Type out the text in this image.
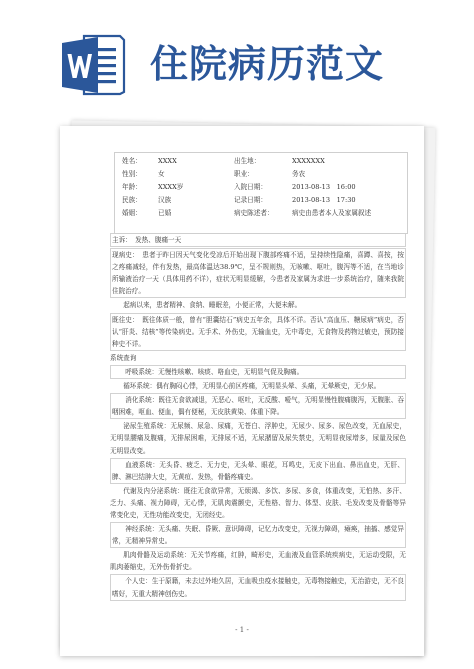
住院病历范文
姓名： XXXX	出生地：	XXXXXXX
性别： 女	职业：	务农
年龄： XXXX岁	入院日期：	2013-08-13　16:00
民族： 汉族	记录日期：	2013-08-13　17:30
婚姻： 已婚	病史陈述者：	病史由患者本人及家属叙述

主诉：　发热、腹痛一天

现病史：　患者于昨日因天气变化受凉后开始出现下腹部疼痛不适，呈持续性隐痛，喜蹲、喜按，按之疼痛减轻，伴有发热，最高体温达38.9℃，呈不规则热，无咳嗽、呕吐，腹泻等不适，在当地诊所输液治疗一天（具体用药不详），症状无明显缓解，今患者及家属为求进一步系统治疗，随来我院住院治疗。

起病以来，患者精神、食纳、睡眠差，小便正常，大便未解。

既往史：　既往体质一般，曾有“胆囊结石”病史五年余，具体不详。否认“高血压、糖尿病”病史，否认“肝炎、结核”等传染病史。无手术、外伤史，无输血史，无中毒史，无食物及药物过敏史，预防接种史不详。

系统查询

呼吸系统：无慢性咳嗽、咳痰、咯血史，无明显气促及胸痛。

循环系统：偶有胸闷心悸，无明显心前区疼痛，无明显头晕、头痛，无晕厥史，无少尿。

消化系统：既往无食欲减退，无恶心、呕吐，无反酸、嗳气，无明显慢性腹痛腹泻，无腹胀、吞咽困难，呕血、便血，偶有便秘，无皮肤黄染、体重下降。

泌尿生殖系统：无尿频、尿急、尿痛，无苍白、浮肿史，无尿少、尿多、尿色改变，无血尿史，无明显腰痛及腹痛，无排尿困难，无排尿不适，无尿潴留及尿失禁史，无明显夜尿增多，尿量及尿色无明显改变。

血液系统：无头昏、疲乏、无力史，无头晕、眼花，耳鸣史，无皮下出血、鼻出血史，无肝、脾、淋巴结肿大史，无黄疸、发热，骨骼疼痛史。

代谢及内分泌系统：既往无食欲异常，无烦渴、多饮、多尿、多食，体重改变，无怕热、多汗、乏力、头痛、视力障碍，无心悸，无肌肉震颤史，无性格、智力、体型、皮肤、毛发改变及骨骼等异常变化史，无性功能改变史，无闭经史。

神经系统：无头痛、失眠、昏厥、意识障碍，记忆力改变史，无视力障碍，瘫痪，抽搐、感觉异常，无精神异常史。

肌肉骨骼及运动系统：无关节疼痛，红肿，畸形史，无血液及血管系统疾病史，无运动受限，无肌肉萎缩史，无外伤骨折史。

个人史：生于原籍，未去过外地久居，无血吸虫疫水接触史，无毒物接触史，无治游史，无不良嗜好，无重大精神创伤史。

- 1 -
